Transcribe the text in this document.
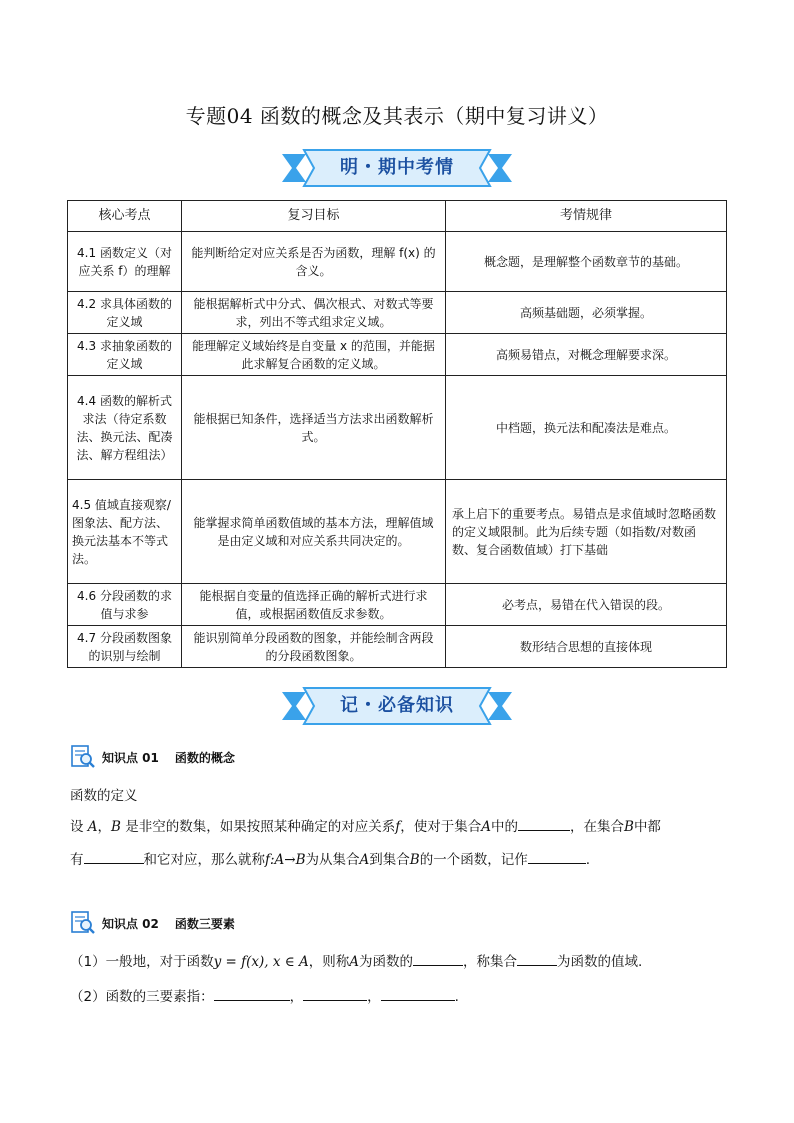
专题04 函数的概念及其表示（期中复习讲义）
明・期中考情
核心考点	复习目标	考情规律
4.1 函数定义（对应关系 f）的理解	能判断给定对应关系是否为函数，理解 f(x) 的含义。	概念题，是理解整个函数章节的基础。
4.2 求具体函数的定义域	能根据解析式中分式、偶次根式、对数式等要求，列出不等式组求定义域。	高频基础题，必须掌握。
4.3 求抽象函数的定义域	能理解定义域始终是自变量 x 的范围，并能据此求解复合函数的定义域。	高频易错点，对概念理解要求深。
4.4 函数的解析式求法（待定系数法、换元法、配凑法、解方程组法）	能根据已知条件，选择适当方法求出函数解析式。	中档题，换元法和配凑法是难点。
4.5 值域直接观察/图象法、配方法、换元法基本不等式法。	能掌握求简单函数值域的基本方法，理解值域是由定义域和对应关系共同决定的。	承上启下的重要考点。易错点是求值域时忽略函数的定义域限制。此为后续专题（如指数/对数函数、复合函数值域）打下基础
4.6 分段函数的求值与求参	能根据自变量的值选择正确的解析式进行求值，或根据函数值反求参数。	必考点，易错在代入错误的段。
4.7 分段函数图象的识别与绘制	能识别简单分段函数的图象，并能绘制含两段的分段函数图象。	数形结合思想的直接体现
记・必备知识
知识点 01 函数的概念
函数的定义
设 A，B 是非空的数集，如果按照某种确定的对应关系f，使对于集合A中的	，在集合B中都
有	和它对应，那么就称f:A→B为从集合A到集合B的一个函数，记作	.
知识点 02 函数三要素
（1）一般地，对于函数y = f(x), x ∈ A，则称A为函数的	，称集合	为函数的值域.
（2）函数的三要素指：	，	，	.
